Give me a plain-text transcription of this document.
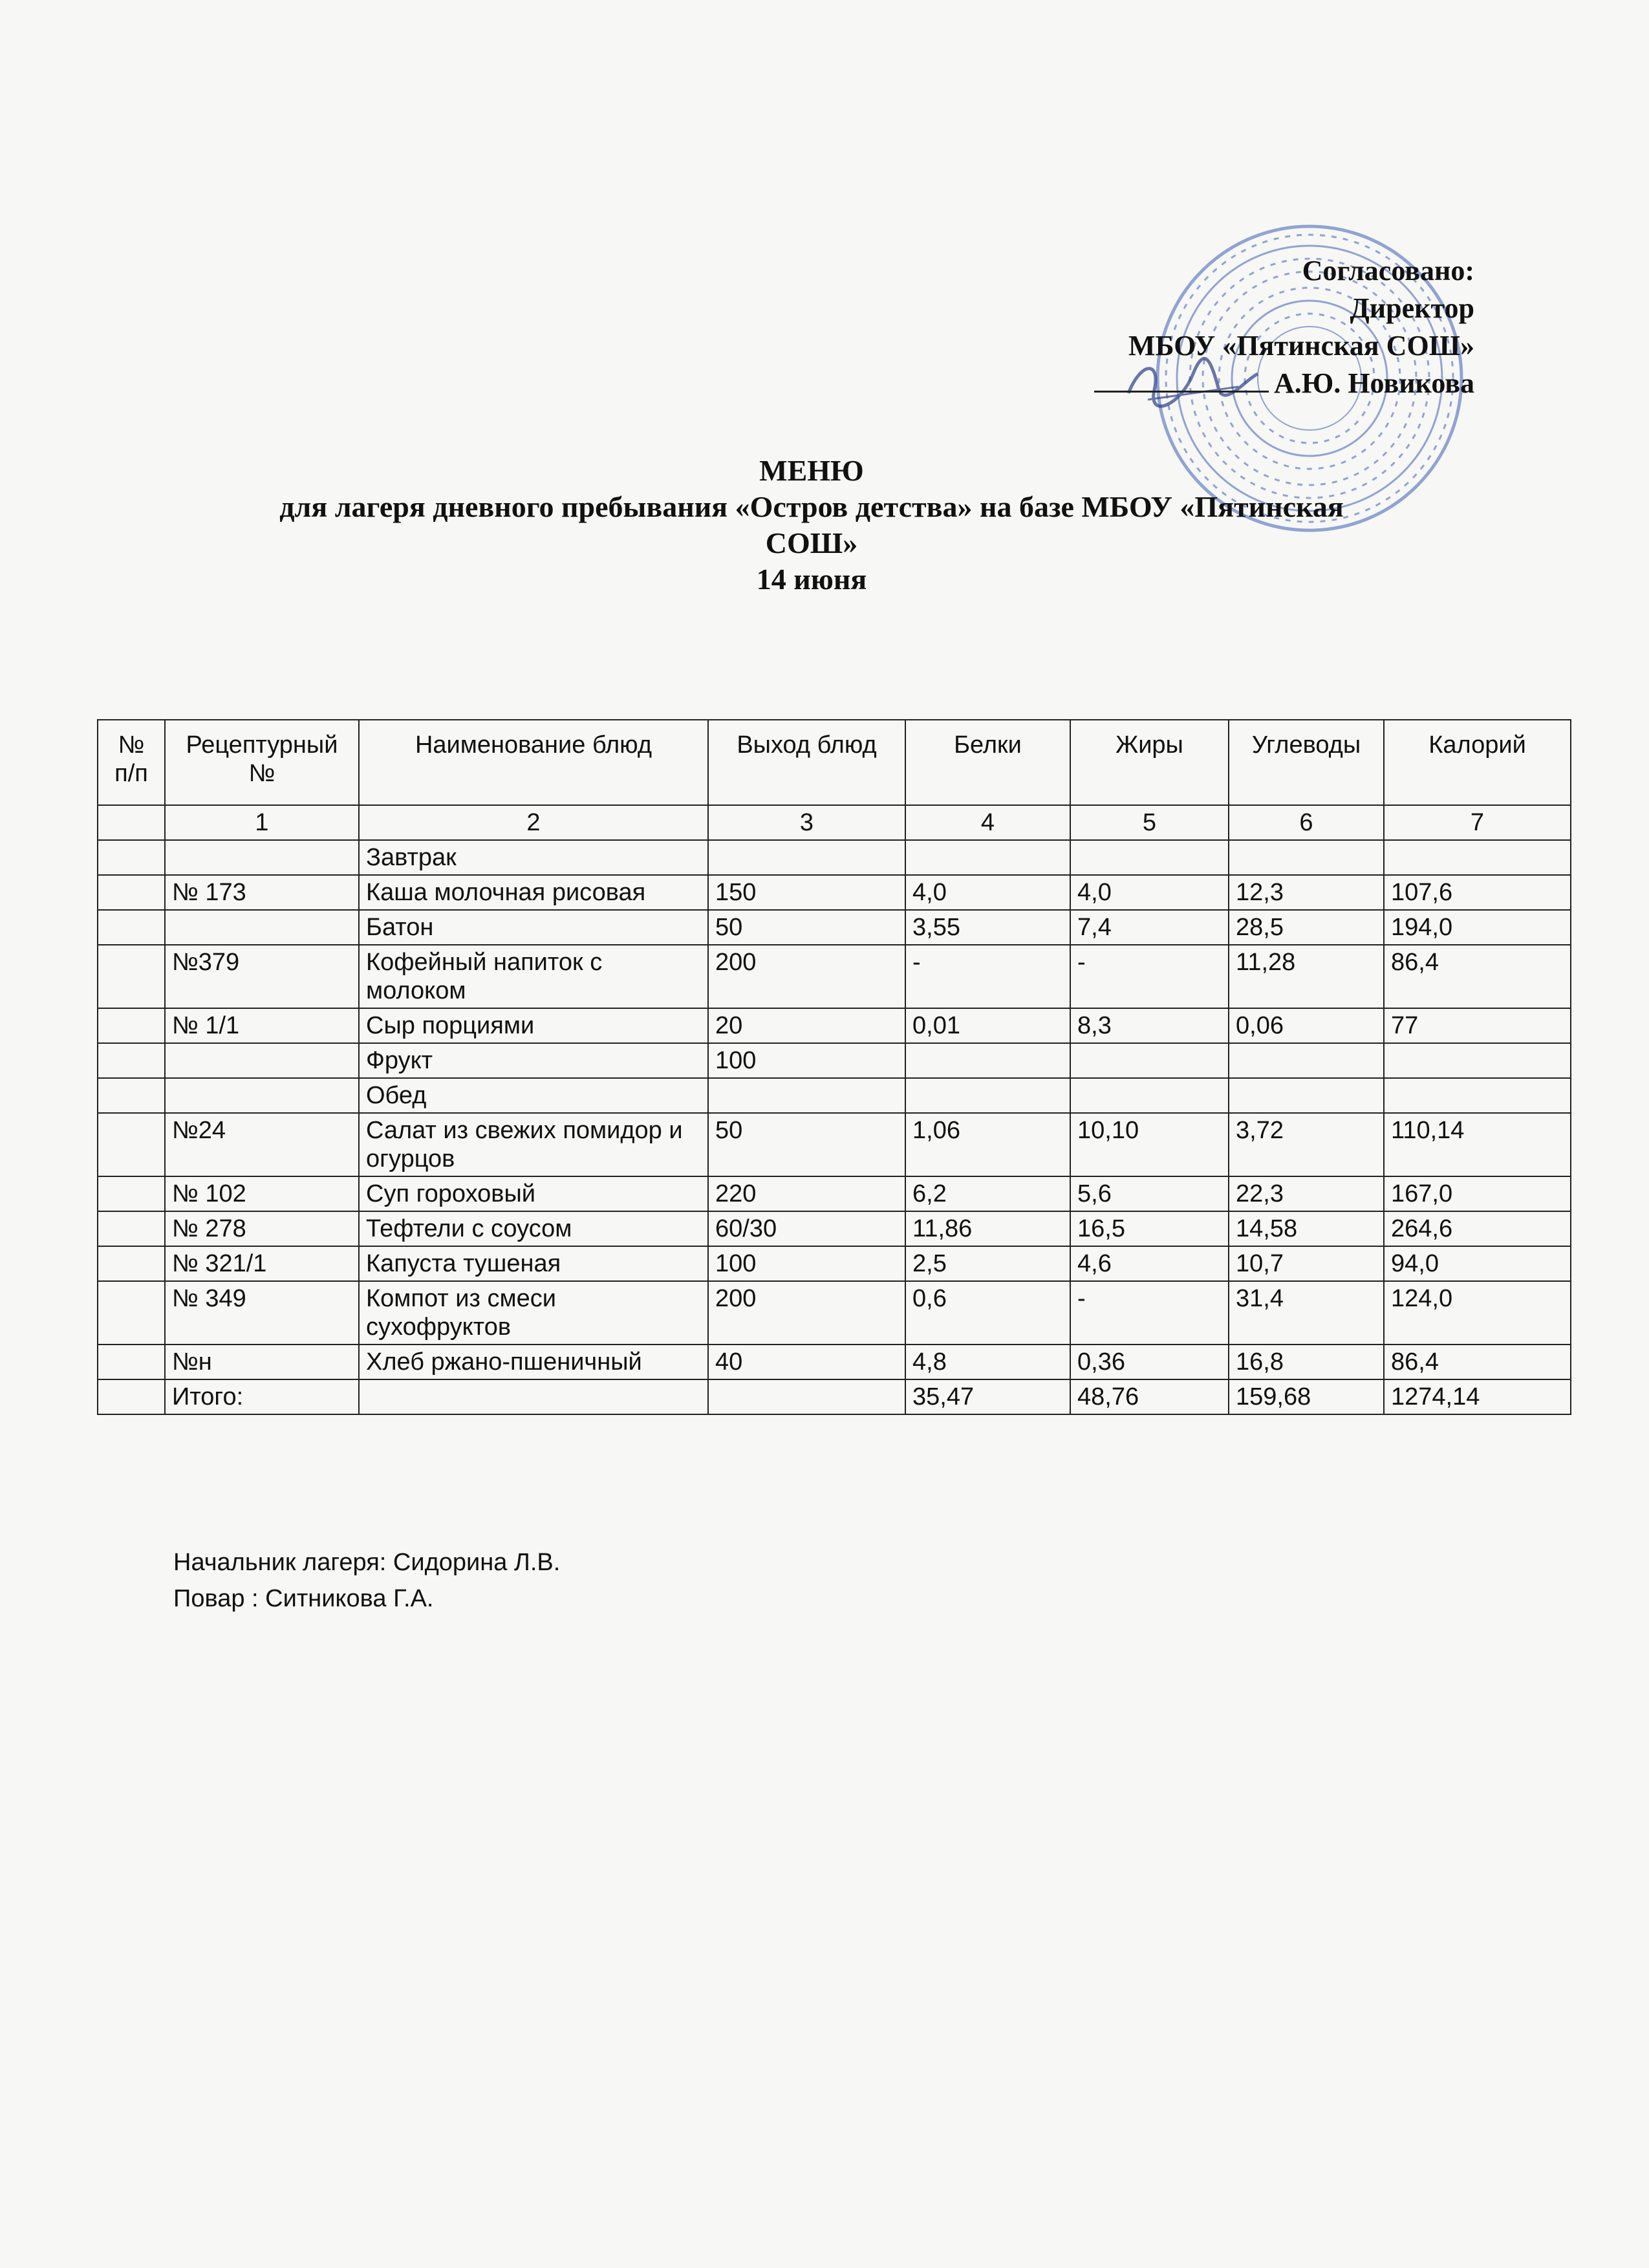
Согласовано:
Директор
МБОУ «Пятинская СОШ»
А.Ю. Новикова
МЕНЮ
для лагеря дневного пребывания «Остров детства» на базе МБОУ «Пятинская
СОШ»
14 июня
№ п/п	Рецептурный №	Наименование блюд	Выход блюд	Белки	Жиры	Углеводы	Калорий
	1	2	3	4	5	6	7
		Завтрак					
	№ 173	Каша молочная рисовая	150	4,0	4,0	12,3	107,6
		Батон	50	3,55	7,4	28,5	194,0
	№379	Кофейный напиток с молоком	200	-	-	11,28	86,4
	№ 1/1	Сыр порциями	20	0,01	8,3	0,06	77
		Фрукт	100				
		Обед					
	№24	Салат из свежих помидор и огурцов	50	1,06	10,10	3,72	110,14
	№ 102	Суп гороховый	220	6,2	5,6	22,3	167,0
	№ 278	Тефтели с соусом	60/30	11,86	16,5	14,58	264,6
	№ 321/1	Капуста тушеная	100	2,5	4,6	10,7	94,0
	№ 349	Компот из смеси сухофруктов	200	0,6	-	31,4	124,0
	№н	Хлеб ржано-пшеничный	40	4,8	0,36	16,8	86,4
	Итого:			35,47	48,76	159,68	1274,14
Начальник лагеря: Сидорина Л.В.
Повар : Ситникова Г.А.
